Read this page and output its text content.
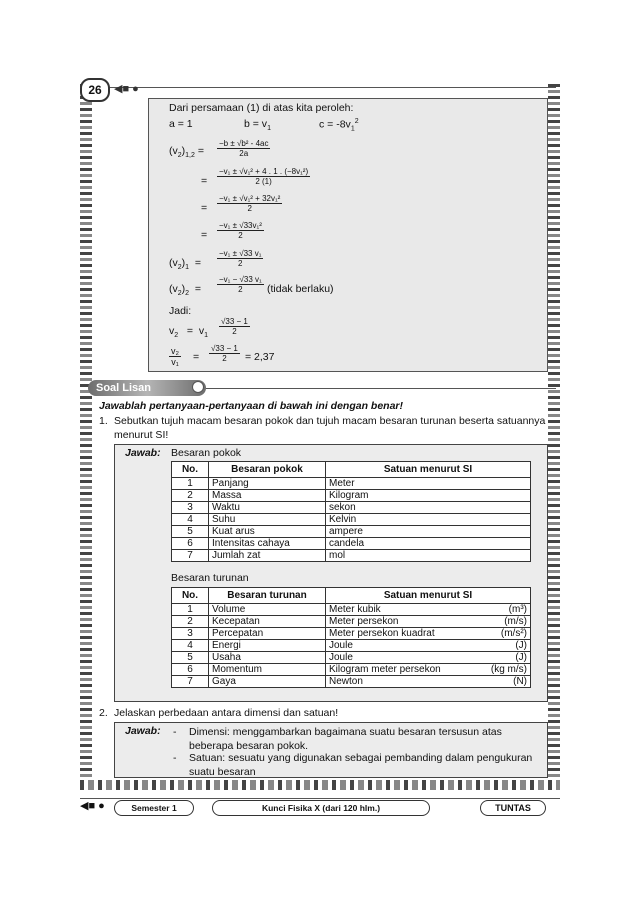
26	◀■ ●
Dari persamaan (1) di atas kita peroleh:
a = 1	$b = v_1$	$c = -8v_1^2$
$(v_2)_{1,2} = \frac{\text{−b ± √b² - 4ac}}{2a}$
= $\frac{\text{−v₁ ± √v₁² + 4 . 1 . (−8v₁²)}}{2 (1)}$
= $\frac{\text{−v₁ ± √v₁² + 32v₁²}}{2}$
= $\frac{\text{−v₁ ± √33v₁²}}{2}$
$(v_2)_1 = \frac{\text{−v₁ ± √33 v₁}}{2}$
$(v_2)_2 = \frac{\text{−v₁ − √33 v₁}}{2}$ (tidak berlaku)
Jadi:
$v_2 = v_1 \frac{√33 - 1}{2}$
$\frac{\text{v₂}}{\text{v₁}} = \frac{√33 - 1}{2} = 2,37$
Soal Lisan
Jawablah pertanyaan-pertanyaan di bawah ini dengan benar!
1. Sebutkan tujuh macam besaran pokok dan tujuh macam besaran turunan beserta satuannya
menurut SI!
Jawab: Besaran pokok
No.	Besaran pokok	Satuan menurut SI
1	Panjang	Meter
2	Massa	Kilogram
3	Waktu	sekon
4	Suhu	Kelvin
5	Kuat arus	ampere
6	Intensitas cahaya	candela
7	Jumlah zat	mol
Besaran turunan
No.	Besaran turunan	Satuan menurut SI
1	Volume	Meter kubik (m³)

2	Kecepatan	Meter persekon (m/s)

3	Percepatan	Meter persekon kuadrat (m/s²)

4	Energi	Joule (J)

5	Usaha	Joule (J)

6	Momentum	Kilogram meter persekon (kg m/s)

7	Gaya	Newton (N)
2. Jelaskan perbedaan antara dimensi dan satuan!
Jawab: - Dimensi: menggambarkan bagaimana suatu besaran tersusun atas
beberapa besaran pokok.
- Satuan: sesuatu yang digunakan sebagai pembanding dalam pengukuran
suatu besaran
◀■ ●	Semester 1	Kunci Fisika X (dari 120 hlm.)	TUNTAS
